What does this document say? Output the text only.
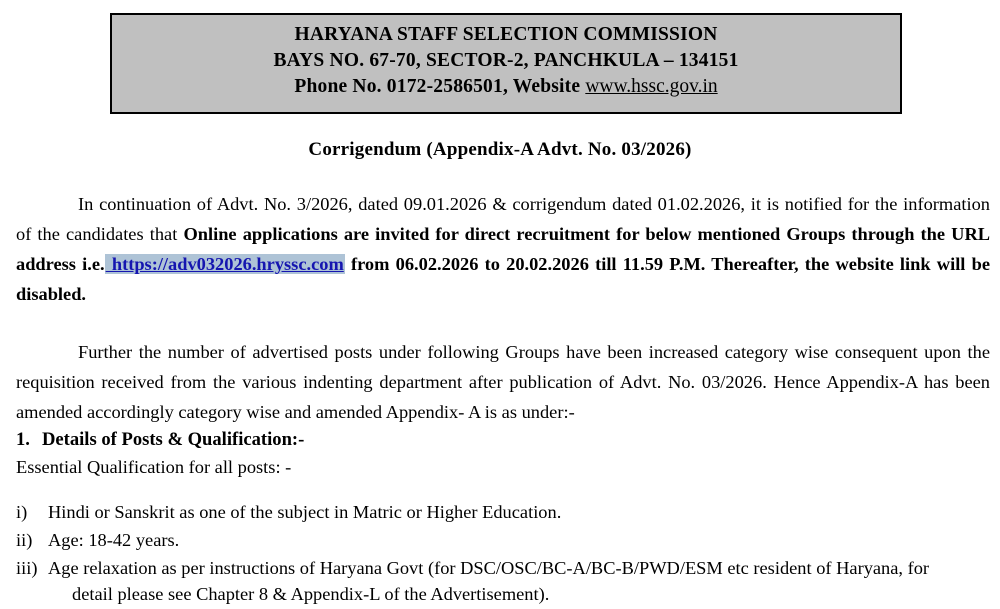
HARYANA STAFF SELECTION COMMISSION
BAYS NO. 67-70, SECTOR-2, PANCHKULA – 134151
Phone No. 0172-2586501, Website www.hssc.gov.in
Corrigendum (Appendix-A Advt. No. 03/2026)

In continuation of Advt. No. 3/2026, dated 09.01.2026 & corrigendum dated 01.02.2026, it is notified for the information of the candidates that Online applications are invited for direct recruitment for below mentioned Groups through the URL address i.e. https://adv032026.hryssc.com from 06.02.2026 to 20.02.2026 till 11.59 P.M. Thereafter, the website link will be disabled.

Further the number of advertised posts under following Groups have been increased category wise consequent upon the requisition received from the various indenting department after publication of Advt. No. 03/2026. Hence Appendix-A has been amended accordingly category wise and amended Appendix- A is as under:-

1. Details of Posts & Qualification:-
Essential Qualification for all posts: -
i)	Hindi or Sanskrit as one of the subject in Matric or Higher Education.
ii) Age: 18-42 years.
iii) Age relaxation as per instructions of Haryana Govt (for DSC/OSC/BC-A/BC-B/PWD/ESM etc resident of Haryana, for
detail please see Chapter 8 & Appendix-L of the Advertisement).
